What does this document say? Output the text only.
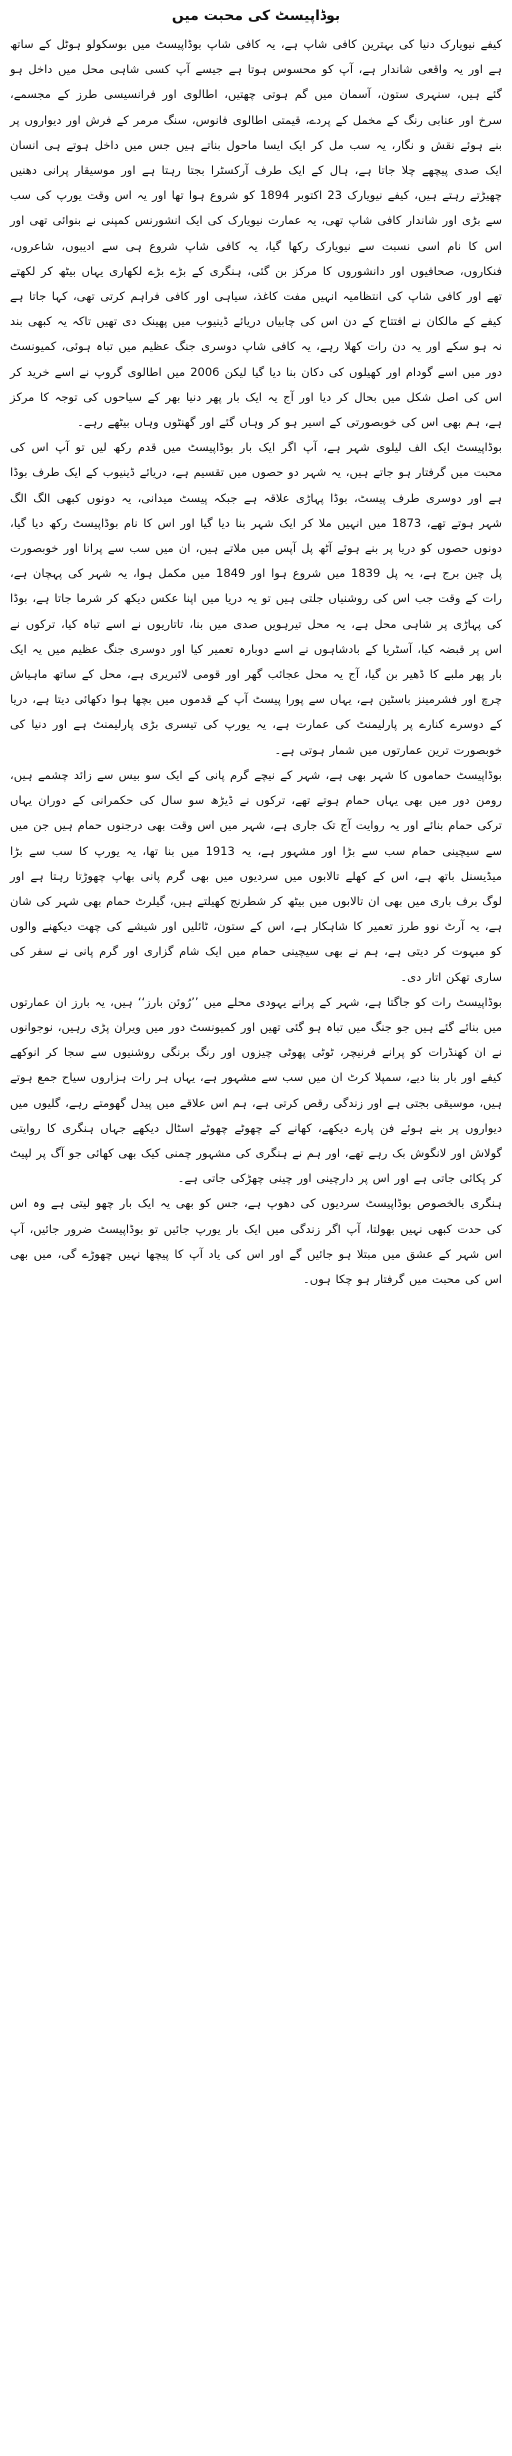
بوڈاپیسٹ کی محبت میں

کیفے نیویارک دنیا کی بہترین کافی شاپ ہے، یہ کافی شاپ بوڈاپیسٹ میں بوسکولو ہوٹل کے ساتھ ہے اور یہ واقعی شاندار ہے، آپ کو محسوس ہوتا ہے جیسے آپ کسی شاہی محل میں داخل ہو گئے ہیں، سنہری ستون، آسمان میں گم ہوتی چھتیں، اطالوی اور فرانسیسی طرز کے مجسمے، سرخ اور عنابی رنگ کے مخمل کے پردے، قیمتی اطالوی فانوس، سنگ مرمر کے فرش اور دیواروں پر بنے ہوئے نقش و نگار، یہ سب مل کر ایک ایسا ماحول بناتے ہیں جس میں داخل ہوتے ہی انسان ایک صدی پیچھے چلا جاتا ہے، ہال کے ایک طرف آرکسٹرا بجتا رہتا ہے اور موسیقار پرانی دھنیں چھیڑتے رہتے ہیں، کیفے نیویارک 23 اکتوبر 1894 کو شروع ہوا تھا اور یہ اس وقت یورپ کی سب سے بڑی اور شاندار کافی شاپ تھی، یہ عمارت نیویارک کی ایک انشورنس کمپنی نے بنوائی تھی اور اس کا نام اسی نسبت سے نیویارک رکھا گیا، یہ کافی شاپ شروع ہی سے ادیبوں، شاعروں، فنکاروں، صحافیوں اور دانشوروں کا مرکز بن گئی، ہنگری کے بڑے بڑے لکھاری یہاں بیٹھ کر لکھتے تھے اور کافی شاپ کی انتظامیہ انہیں مفت کاغذ، سیاہی اور کافی فراہم کرتی تھی، کہا جاتا ہے کیفے کے مالکان نے افتتاح کے دن اس کی چابیاں دریائے ڈینیوب میں پھینک دی تھیں تاکہ یہ کبھی بند نہ ہو سکے اور یہ دن رات کھلا رہے، یہ کافی شاپ دوسری جنگ عظیم میں تباہ ہوئی، کمیونسٹ دور میں اسے گودام اور کھیلوں کی دکان بنا دیا گیا لیکن 2006 میں اطالوی گروپ نے اسے خرید کر اس کی اصل شکل میں بحال کر دیا اور آج یہ ایک بار پھر دنیا بھر کے سیاحوں کی توجہ کا مرکز ہے، ہم بھی اس کی خوبصورتی کے اسیر ہو کر وہاں گئے اور گھنٹوں وہاں بیٹھے رہے۔

بوڈاپیسٹ ایک الف لیلوی شہر ہے، آپ اگر ایک بار بوڈاپیسٹ میں قدم رکھ لیں تو آپ اس کی محبت میں گرفتار ہو جاتے ہیں، یہ شہر دو حصوں میں تقسیم ہے، دریائے ڈینیوب کے ایک طرف بوڈا ہے اور دوسری طرف پیسٹ، بوڈا پہاڑی علاقہ ہے جبکہ پیسٹ میدانی، یہ دونوں کبھی الگ الگ شہر ہوتے تھے، 1873 میں انہیں ملا کر ایک شہر بنا دیا گیا اور اس کا نام بوڈاپیسٹ رکھ دیا گیا، دونوں حصوں کو دریا پر بنے ہوئے آٹھ پل آپس میں ملاتے ہیں، ان میں سب سے پرانا اور خوبصورت پل چین برج ہے، یہ پل 1839 میں شروع ہوا اور 1849 میں مکمل ہوا، یہ شہر کی پہچان ہے، رات کے وقت جب اس کی روشنیاں جلتی ہیں تو یہ دریا میں اپنا عکس دیکھ کر شرما جاتا ہے، بوڈا کی پہاڑی پر شاہی محل ہے، یہ محل تیرہویں صدی میں بنا، تاتاریوں نے اسے تباہ کیا، ترکوں نے اس پر قبضہ کیا، آسٹریا کے بادشاہوں نے اسے دوبارہ تعمیر کیا اور دوسری جنگ عظیم میں یہ ایک بار پھر ملبے کا ڈھیر بن گیا، آج یہ محل عجائب گھر اور قومی لائبریری ہے، محل کے ساتھ ماہیاش چرچ اور فشرمینز باسٹین ہے، یہاں سے پورا پیسٹ آپ کے قدموں میں بچھا ہوا دکھائی دیتا ہے، دریا کے دوسرے کنارے پر پارلیمنٹ کی عمارت ہے، یہ یورپ کی تیسری بڑی پارلیمنٹ ہے اور دنیا کی خوبصورت ترین عمارتوں میں شمار ہوتی ہے۔

بوڈاپیسٹ حماموں کا شہر بھی ہے، شہر کے نیچے گرم پانی کے ایک سو بیس سے زائد چشمے ہیں، رومن دور میں بھی یہاں حمام ہوتے تھے، ترکوں نے ڈیڑھ سو سال کی حکمرانی کے دوران یہاں ترکی حمام بنائے اور یہ روایت آج تک جاری ہے، شہر میں اس وقت بھی درجنوں حمام ہیں جن میں سے سیچینی حمام سب سے بڑا اور مشہور ہے، یہ 1913 میں بنا تھا، یہ یورپ کا سب سے بڑا میڈیسنل باتھ ہے، اس کے کھلے تالابوں میں سردیوں میں بھی گرم پانی بھاپ چھوڑتا رہتا ہے اور لوگ برف باری میں بھی ان تالابوں میں بیٹھ کر شطرنج کھیلتے ہیں، گیلرٹ حمام بھی شہر کی شان ہے، یہ آرٹ نوو طرز تعمیر کا شاہکار ہے، اس کے ستون، ٹائلیں اور شیشے کی چھت دیکھنے والوں کو مبہوت کر دیتی ہے، ہم نے بھی سیچینی حمام میں ایک شام گزاری اور گرم پانی نے سفر کی ساری تھکن اتار دی۔

بوڈاپیسٹ رات کو جاگتا ہے، شہر کے پرانے یہودی محلے میں ’’رُوئن بارز‘‘ ہیں، یہ بارز ان عمارتوں میں بنائے گئے ہیں جو جنگ میں تباہ ہو گئی تھیں اور کمیونسٹ دور میں ویران پڑی رہیں، نوجوانوں نے ان کھنڈرات کو پرانے فرنیچر، ٹوٹی پھوٹی چیزوں اور رنگ برنگی روشنیوں سے سجا کر انوکھے کیفے اور بار بنا دیے، سمپلا کرٹ ان میں سب سے مشہور ہے، یہاں ہر رات ہزاروں سیاح جمع ہوتے ہیں، موسیقی بجتی ہے اور زندگی رقص کرتی ہے، ہم اس علاقے میں پیدل گھومتے رہے، گلیوں میں دیواروں پر بنے ہوئے فن پارے دیکھے، کھانے کے چھوٹے چھوٹے اسٹال دیکھے جہاں ہنگری کا روایتی گولاش اور لانگوش بک رہے تھے، اور ہم نے ہنگری کی مشہور چمنی کیک بھی کھائی جو آگ پر لپیٹ کر پکائی جاتی ہے اور اس پر دارچینی اور چینی چھڑکی جاتی ہے۔

ہنگری بالخصوص بوڈاپیسٹ سردیوں کی دھوپ ہے، جس کو بھی یہ ایک بار چھو لیتی ہے وہ اس کی حدت کبھی نہیں بھولتا، آپ اگر زندگی میں ایک بار یورپ جائیں تو بوڈاپیسٹ ضرور جائیں، آپ اس شہر کے عشق میں مبتلا ہو جائیں گے اور اس کی یاد آپ کا پیچھا نہیں چھوڑے گی، میں بھی اس کی محبت میں گرفتار ہو چکا ہوں۔
